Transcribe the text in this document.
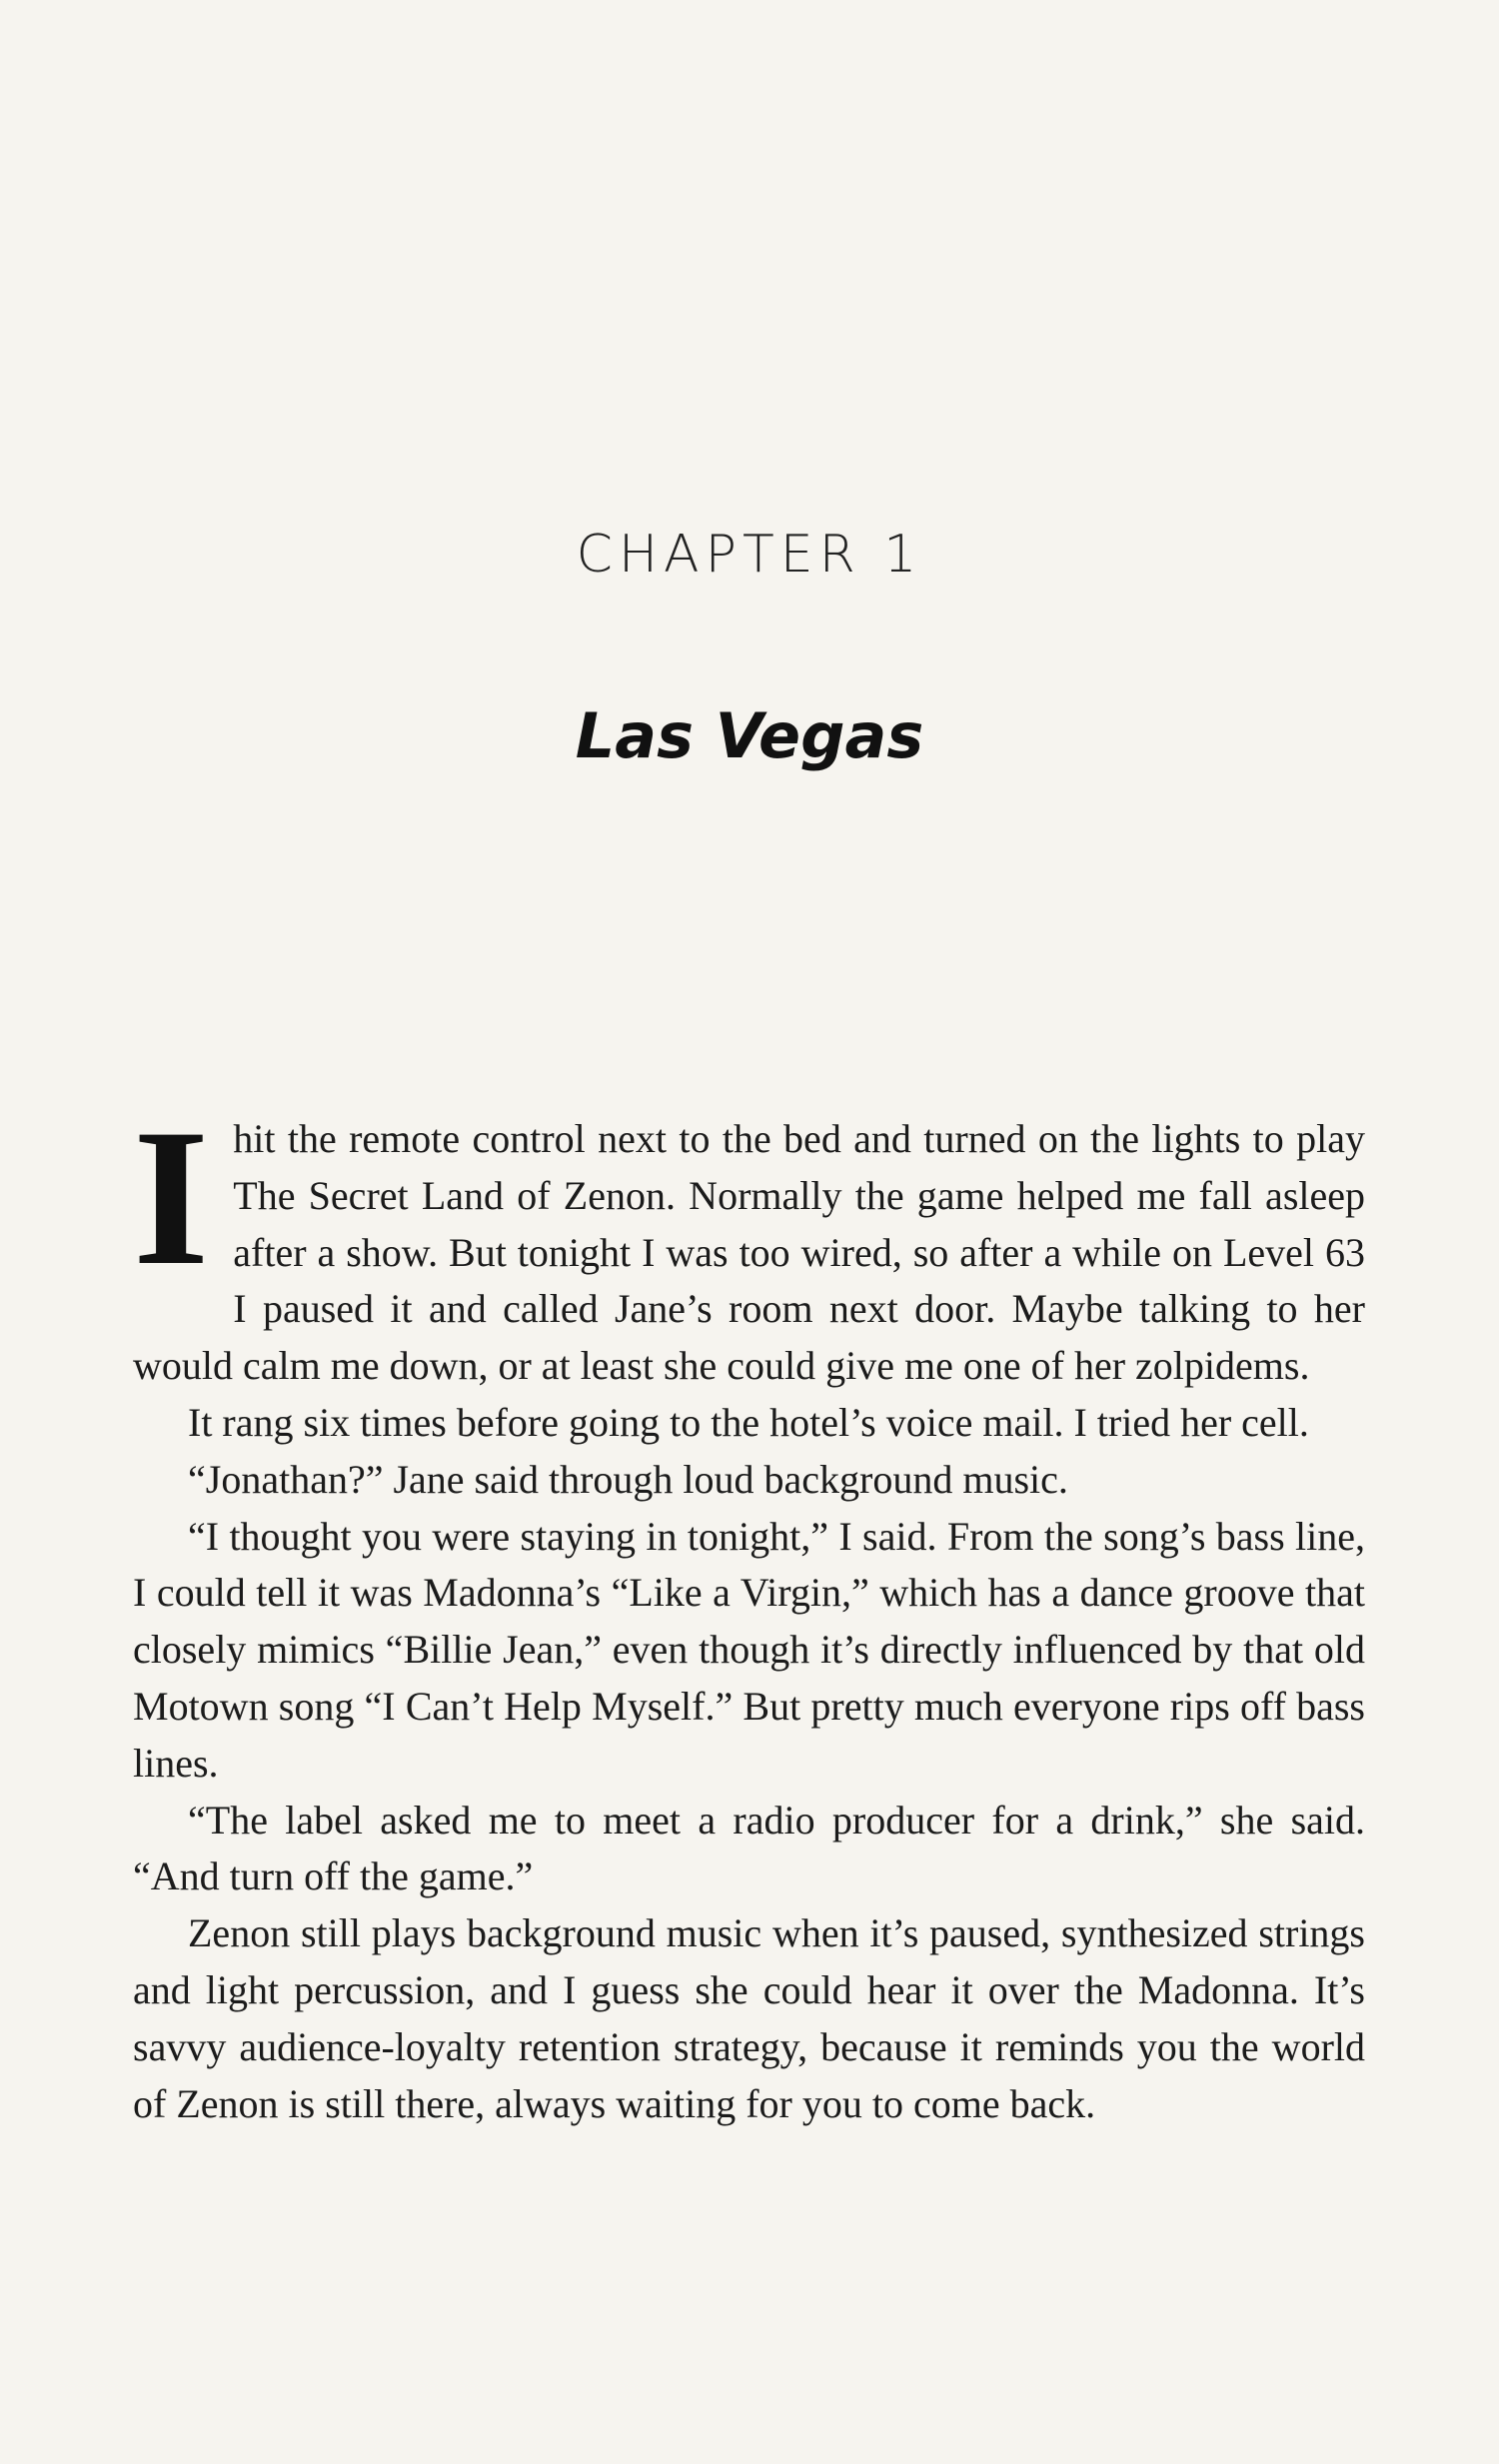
CHAPTER 1
Las Vegas

Ihit the remote control next to the bed and turned on the lights to play The Secret Land of Zenon. Normally the game helped me fall asleep after a show. But tonight I was too wired, so after a while on Level 63 I paused it and called Jane’s room next door. Maybe talking to her would calm me down, or at least she could give me one of her zolpidems.

It rang six times before going to the hotel’s voice mail. I tried her cell.

“Jonathan?” Jane said through loud background music.

“I thought you were staying in tonight,” I said. From the song’s bass line, I could tell it was Madonna’s “Like a Virgin,” which has a dance groove that closely mimics “Billie Jean,” even though it’s directly influenced by that old Motown song “I Can’t Help Myself.” But pretty much everyone rips off bass lines.

“The label asked me to meet a radio producer for a drink,” she said. “And turn off the game.”

Zenon still plays background music when it’s paused, synthesized strings and light percussion, and I guess she could hear it over the Madonna. It’s savvy audience-loyalty retention strategy, because it reminds you the world of Zenon is still there, always waiting for you to come back.
